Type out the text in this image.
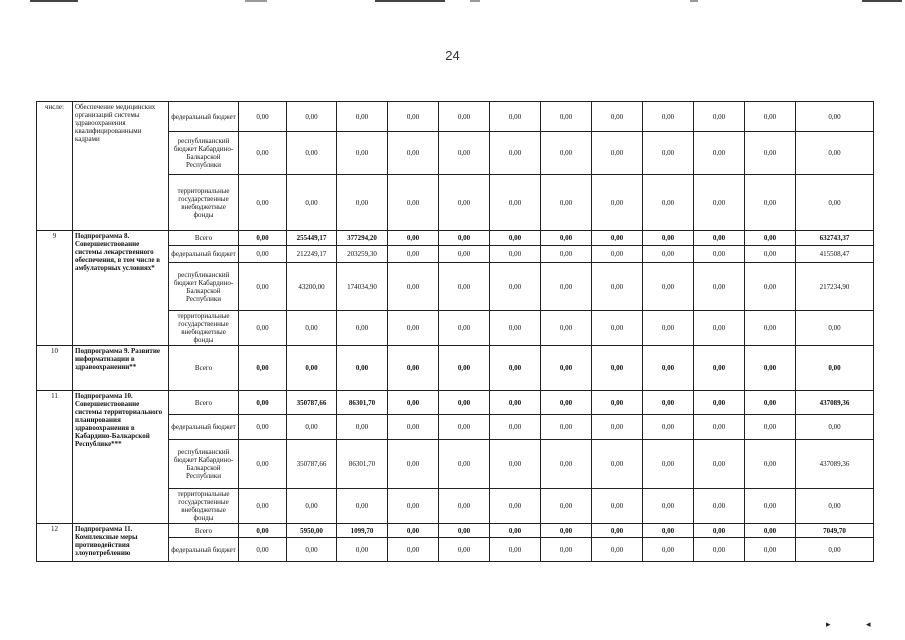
24
числе:	Обеспечение медицинских организаций системы здравоохранения квалифицированными кадрами	федеральный бюджет	0,00	0,00	0,00	0,00	0,00	0,00	0,00	0,00	0,00	0,00	0,00	0,00
		республиканский бюджет Кабардино-Балкарской Республики	0,00	0,00	0,00	0,00	0,00	0,00	0,00	0,00	0,00	0,00	0,00	0,00
		территориальные государственные внебюджетные фонды	0,00	0,00	0,00	0,00	0,00	0,00	0,00	0,00	0,00	0,00	0,00	0,00
9	Подпрограмма 8. Совершенствование системы лекарственного обеспечения, в том числе в амбулаторных условиях*	Всего	0,00	255449,17	377294,20	0,00	0,00	0,00	0,00	0,00	0,00	0,00	0,00	632743,37
		федеральный бюджет	0,00	212249,17	203259,30	0,00	0,00	0,00	0,00	0,00	0,00	0,00	0,00	415508,47
		республиканский бюджет Кабардино-Балкарской Республики	0,00	43200,00	174034,90	0,00	0,00	0,00	0,00	0,00	0,00	0,00	0,00	217234,90
		территориальные государственные внебюджетные фонды	0,00	0,00	0,00	0,00	0,00	0,00	0,00	0,00	0,00	0,00	0,00	0,00
10	Подпрограмма 9. Развитие информатизации в здравоохранении**	Всего	0,00	0,00	0,00	0,00	0,00	0,00	0,00	0,00	0,00	0,00	0,00	0,00
11	Подпрограмма 10. Совершенствование системы территориального планирования здравоохранения в Кабардино-Балкарской Республике***	Всего	0,00	350787,66	86301,70	0,00	0,00	0,00	0,00	0,00	0,00	0,00	0,00	437089,36
		федеральный бюджет	0,00	0,00	0,00	0,00	0,00	0,00	0,00	0,00	0,00	0,00	0,00	0,00
		республиканский бюджет Кабардино-Балкарской Республики	0,00	350787,66	86301,70	0,00	0,00	0,00	0,00	0,00	0,00	0,00	0,00	437089,36
		территориальные государственные внебюджетные фонды	0,00	0,00	0,00	0,00	0,00	0,00	0,00	0,00	0,00	0,00	0,00	0,00
12	Подпрограмма 11. Комплексные меры противодействия злоупотреблению	Всего	0,00	5950,00	1099,70	0,00	0,00	0,00	0,00	0,00	0,00	0,00	0,00	7049,70
		федеральный бюджет	0,00	0,00	0,00	0,00	0,00	0,00	0,00	0,00	0,00	0,00	0,00	0,00
▸	◂
